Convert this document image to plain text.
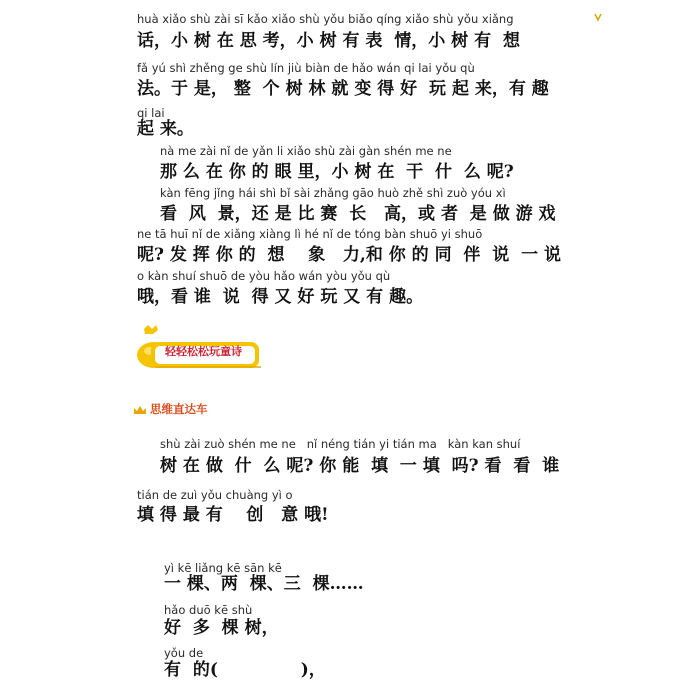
huà xiǎo shù zài sī kǎo xiǎo shù yǒu biǎo qíng xiǎo shù yǒu xiǎng
话，小 树 在 思 考，小 树 有 表  情，小 树 有  想
fǎ yú shì zhěng ge shù lín jiù biàn de hǎo wán qi lai yǒu qù
法。于 是， 整  个 树 林 就 变 得 好  玩 起 来，有 趣
qi lai
起 来。
nà me zài nǐ de yǎn li xiǎo shù zài gàn shén me ne
那 么 在 你 的 眼 里，小 树 在  干  什  么 呢?
kàn fēng jǐng hái shì bǐ sài zhǎng gāo huò zhě shì zuò yóu xì
看  风  景，还 是 比 赛  长   高，或 者  是 做 游 戏
ne tā huī nǐ de xiǎng xiàng lì hé nǐ de tóng bàn shuō yi shuō
呢? 发 挥 你 的  想    象   力,和 你 的 同  伴  说  一 说
o kàn shuí shuō de yòu hǎo wán yòu yǒu qù
哦，看 谁  说  得 又 好 玩 又 有 趣。
轻轻松松玩童诗
思维直达车
shù zài zuò shén me ne   nǐ néng tián yi tián ma   kàn kan shuí
树 在 做  什  么 呢? 你 能  填  一 填  吗? 看  看  谁
tián de zuì yǒu chuàng yì o
填 得 最 有    创   意 哦!
yì kē liǎng kē sān kē
一 棵、两  棵、三  棵……
hǎo duō kē shù
好  多  棵 树，
yǒu de
有  的(              )，
